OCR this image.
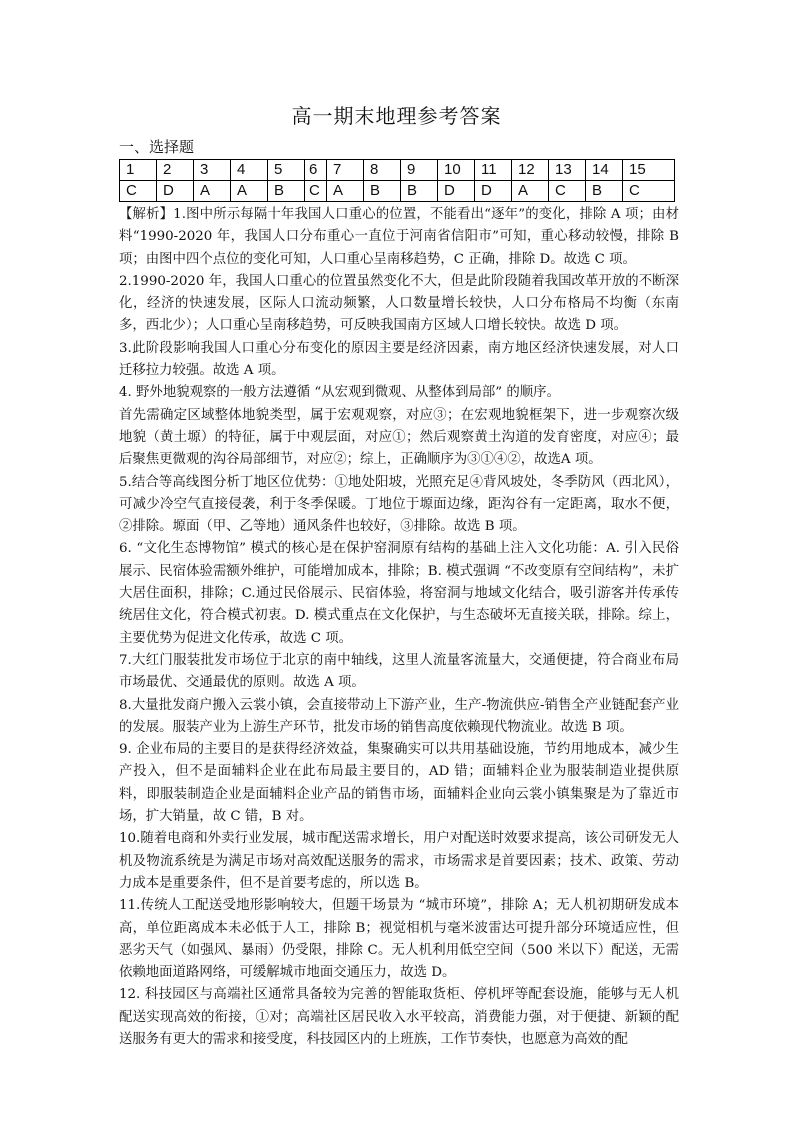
高一期末地理参考答案
一、选择题
1	2	3	4	5	6	7	8	9	10	11	12	13	14	15
C	D	A	A	B	C	A	B	B	D	D	A	C	B	C

【解析】1.图中所示每隔十年我国人口重心的位置，不能看出“逐年”的变化，排除 A 项；由材料“1990-2020 年，我国人口分布重心一直位于河南省信阳市”可知，重心移动较慢，排除 B 项；由图中四个点位的变化可知，人口重心呈南移趋势，C 正确，排除 D。故选 C 项。

2.1990-2020 年，我国人口重心的位置虽然变化不大，但是此阶段随着我国改革开放的不断深化，经济的快速发展，区际人口流动频繁，人口数量增长较快，人口分布格局不均衡（东南多，西北少）；人口重心呈南移趋势，可反映我国南方区域人口增长较快。故选 D 项。

3.此阶段影响我国人口重心分布变化的原因主要是经济因素，南方地区经济快速发展，对人口迁移拉力较强。故选 A 项。

4. 野外地貌观察的一般方法遵循 “从宏观到微观、从整体到局部” 的顺序。

首先需确定区域整体地貌类型，属于宏观观察，对应③；在宏观地貌框架下，进一步观察次级地貌（黄土塬）的特征，属于中观层面，对应①；然后观察黄土沟道的发育密度，对应④；最后聚焦更微观的沟谷局部细节，对应②；综上，正确顺序为③①④②，故选A 项。

5.结合等高线图分析丁地区位优势：①地处阳坡，光照充足④背风坡处，冬季防风（西北风），可减少冷空气直接侵袭，利于冬季保暖。丁地位于塬面边缘，距沟谷有一定距离，取水不便，②排除。塬面（甲、乙等地）通风条件也较好，③排除。故选 B 项。

6. “文化生态博物馆” 模式的核心是在保护窑洞原有结构的基础上注入文化功能：A. 引入民俗展示、民宿体验需额外维护，可能增加成本，排除；B. 模式强调 “不改变原有空间结构”，未扩大居住面积，排除；C.通过民俗展示、民宿体验，将窑洞与地域文化结合，吸引游客并传承传统居住文化，符合模式初衷。D. 模式重点在文化保护，与生态破坏无直接关联，排除。综上，主要优势为促进文化传承，故选 C 项。

7.大红门服装批发市场位于北京的南中轴线，这里人流量客流量大，交通便捷，符合商业布局市场最优、交通最优的原则。故选 A 项。

8.大量批发商户搬入云裳小镇，会直接带动上下游产业，生产-物流供应-销售全产业链配套产业的发展。服装产业为上游生产环节，批发市场的销售高度依赖现代物流业。故选 B 项。

9. 企业布局的主要目的是获得经济效益，集聚确实可以共用基础设施，节约用地成本，减少生产投入，但不是面辅料企业在此布局最主要目的，AD 错；面辅料企业为服装制造业提供原料，即服装制造企业是面辅料企业产品的销售市场，面辅料企业向云裳小镇集聚是为了靠近市场，扩大销量，故 C 错，B 对。

10.随着电商和外卖行业发展，城市配送需求增长，用户对配送时效要求提高，该公司研发无人机及物流系统是为满足市场对高效配送服务的需求，市场需求是首要因素；技术、政策、劳动力成本是重要条件，但不是首要考虑的，所以选 B。

11.传统人工配送受地形影响较大，但题干场景为 “城市环境”，排除 A；无人机初期研发成本高，单位距离成本未必低于人工，排除 B；视觉相机与毫米波雷达可提升部分环境适应性，但恶劣天气（如强风、暴雨）仍受限，排除 C。无人机利用低空空间（500 米以下）配送，无需依赖地面道路网络，可缓解城市地面交通压力，故选 D。

12. 科技园区与高端社区通常具备较为完善的智能取货柜、停机坪等配套设施，能够与无人机配送实现高效的衔接，①对；高端社区居民收入水平较高，消费能力强，对于便捷、新颖的配送服务有更大的需求和接受度，科技园区内的上班族，工作节奏快，也愿意为高效的配
